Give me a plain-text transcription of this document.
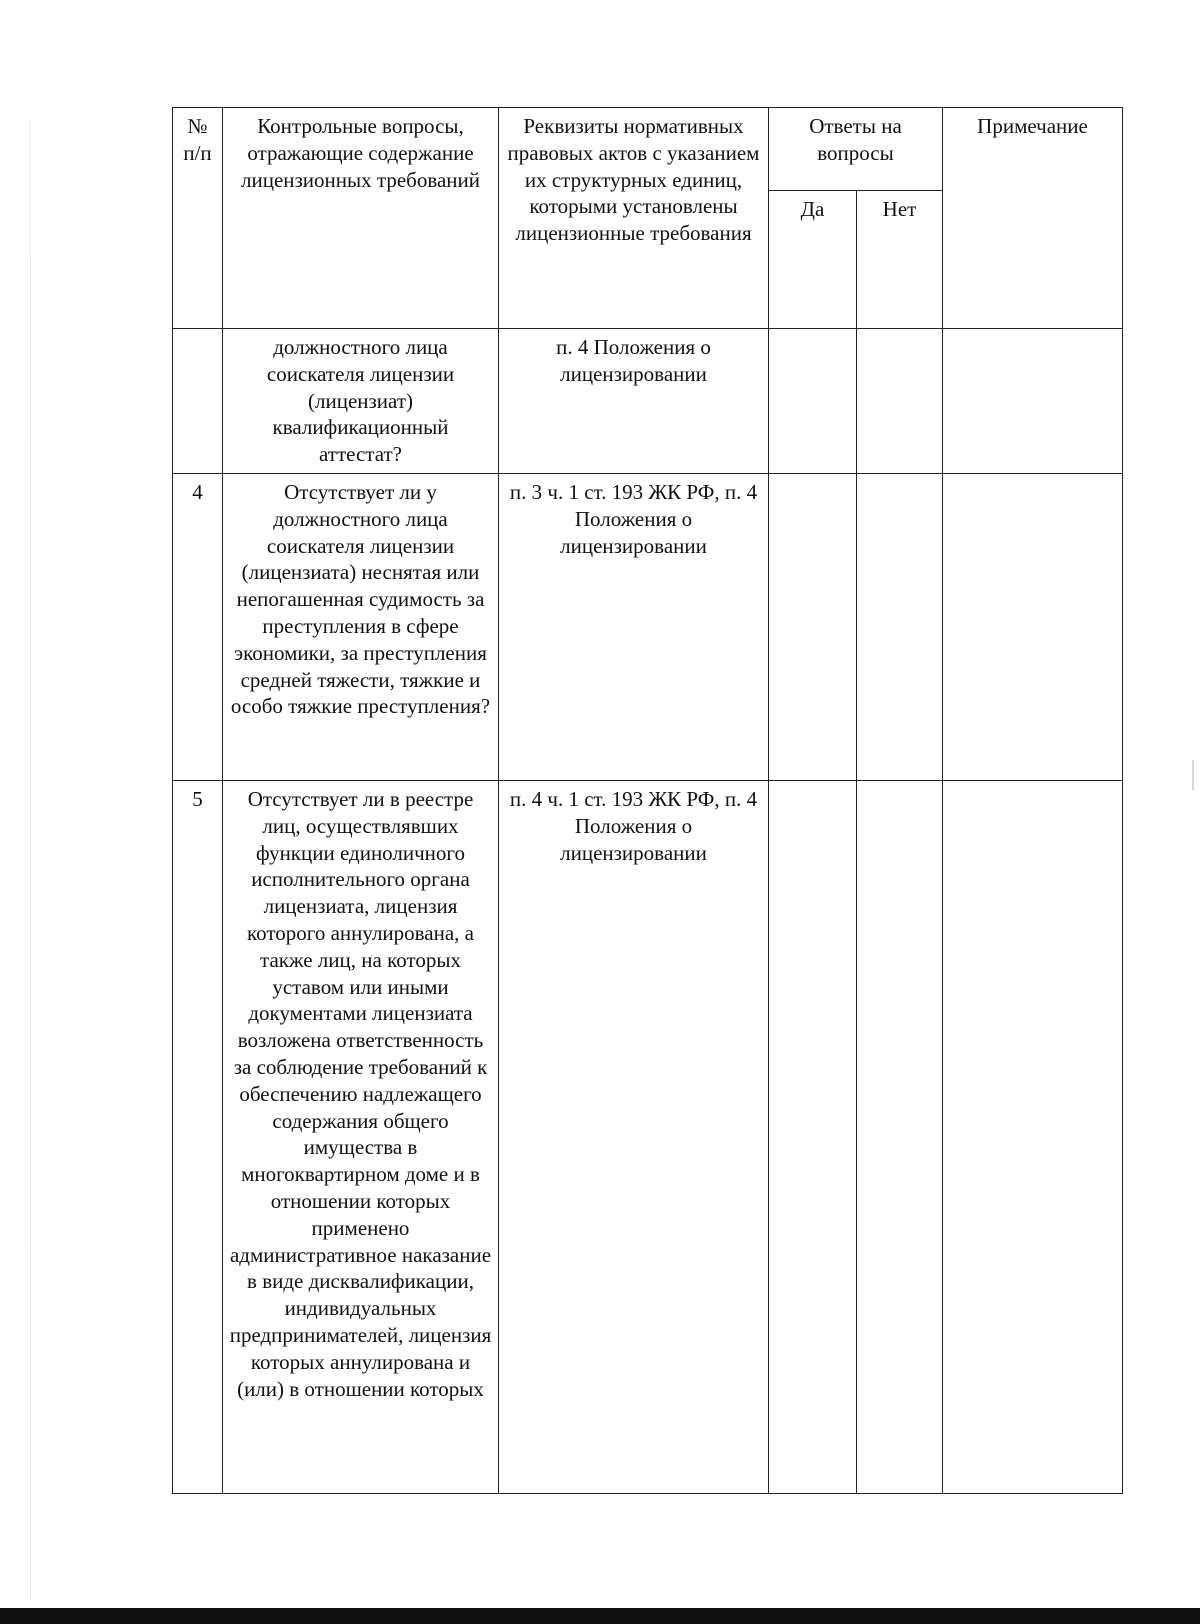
№ п/п	Контрольные вопросы, отражающие содержание лицензионных требований	Реквизиты нормативных правовых актов с указанием их структурных единиц, которыми установлены лицензионные требования	Ответы на вопросы		Примечание
			Да	Нет	
	должностного лица соискателя лицензии (лицензиат) квалификационный аттестат?	п. 4 Положения о лицензировании			
4	Отсутствует ли у должностного лица соискателя лицензии (лицензиата) неснятая или непогашенная судимость за преступления в сфере экономики, за преступления средней тяжести, тяжкие и особо тяжкие преступления?	п. 3 ч. 1 ст. 193 ЖК РФ, п. 4 Положения о лицензировании			
5	Отсутствует ли в реестре лиц, осуществлявших функции единоличного исполнительного органа лицензиата, лицензия которого аннулирована, а также лиц, на которых уставом или иными документами лицензиата возложена ответственность за соблюдение требований к обеспечению надлежащего содержания общего имущества в многоквартирном доме и в отношении которых применено административное наказание в виде дисквалификации, индивидуальных предпринимателей, лицензия которых аннулирована и (или) в отношении которых	п. 4 ч. 1 ст. 193 ЖК РФ, п. 4 Положения о лицензировании			
